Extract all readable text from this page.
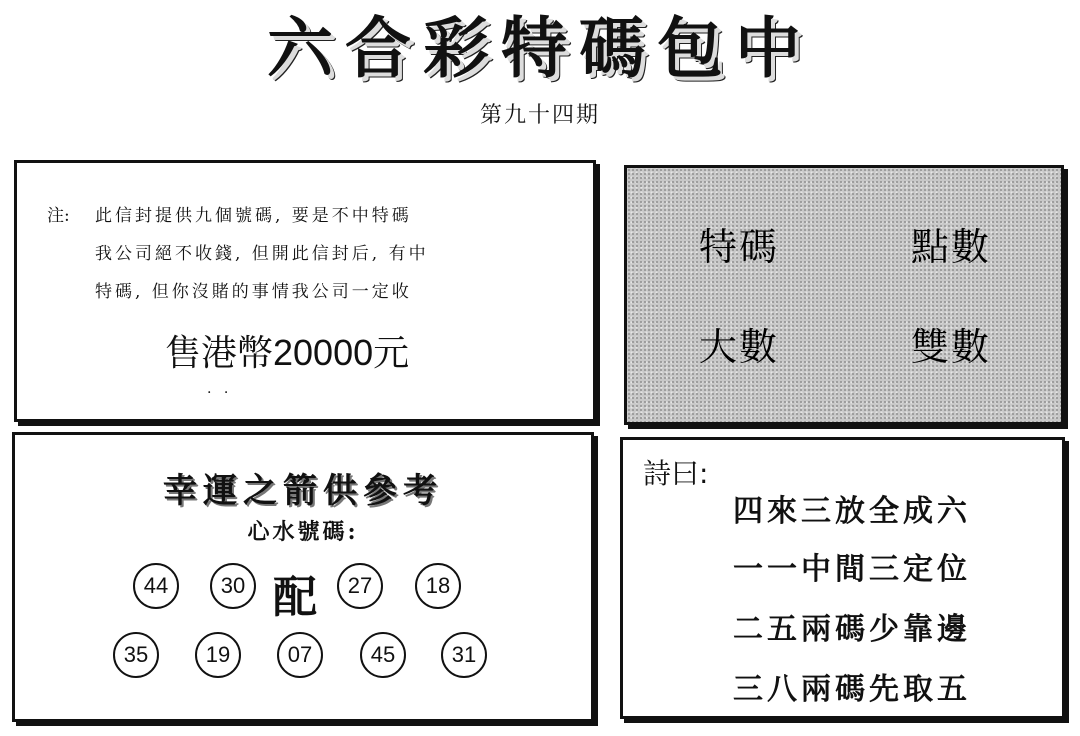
六合彩特碼包中
第九十四期
注: 此信封提供九個號碼, 要是不中特碼
我公司絕不收錢, 但開此信封后, 有中
特碼, 但你沒賭的事情我公司一定收
售港幣20000元
. .
特碼	點數
大數	雙數
幸運之箭供參考
心水號碼:
44	30 配	27	18
35	19	07	45	31
詩曰:
四來三放全成六
一一中間三定位
二五兩碼少靠邊
三八兩碼先取五
